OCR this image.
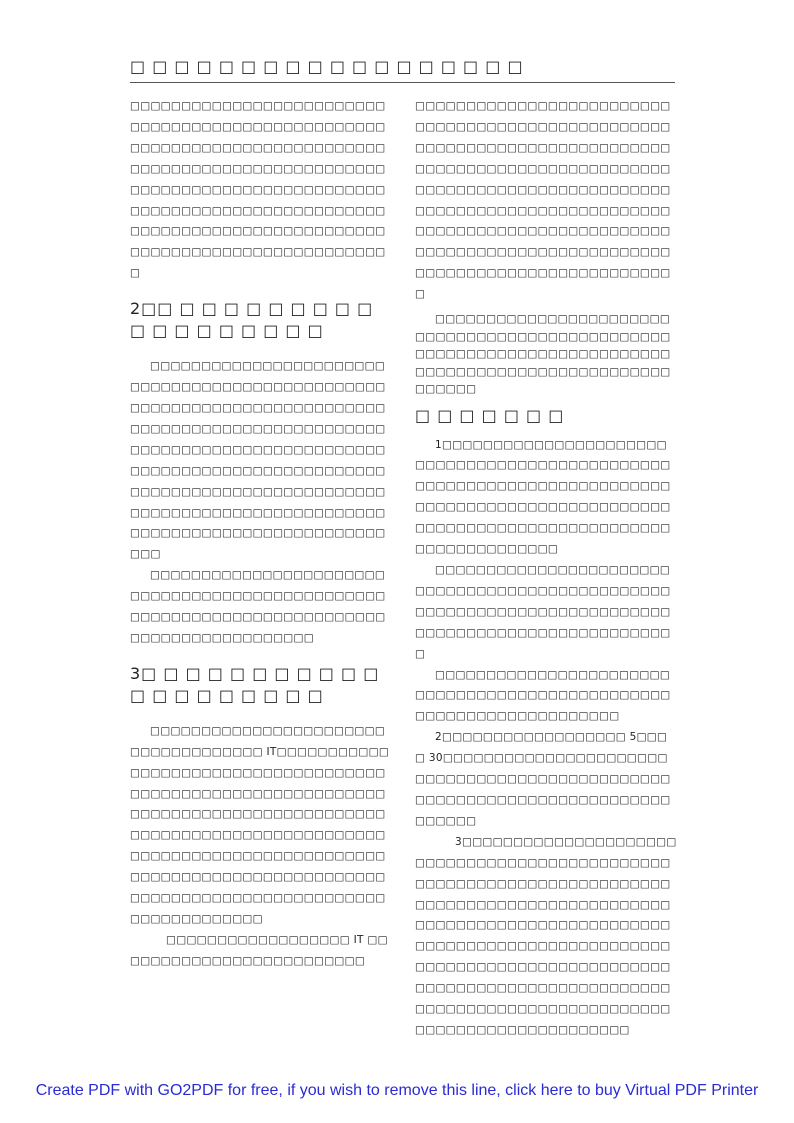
□ □ □ □ □ □ □ □ □ □ □ □ □ □ □ □ □ □

□□□□□□□□□□□□□□□□□□□□□□□□□□□□□□□□□□□□□□□□□□□□□□□□□□□□□□□□□□□□□□□□□□□□□□□□□□□□□□□□□□□□□□□□□□□□□□□□□□□□□□□□□□□□□□□□□□□□□□□□□□□□□□□□□□□□□□□□□□□□□□□□□□□□□□□□□□□□□□□□□□□□□□□□□□□□□□□□□□□□□□□□□□□□□□□□□□□□□□□□□

2□□ □ □ □ □ □ □ □ □ □ □ □ □ □ □ □ □ □ □

□□□□□□□□□□□□□□□□□□□□□□□□□□□□□□□□□□□□□□□□□□□□□□□□□□□□□□□□□□□□□□□□□□□□□□□□□□□□□□□□□□□□□□□□□□□□□□□□□□□□□□□□□□□□□□□□□□□□□□□□□□□□□□□□□□□□□□□□□□□□□□□□□□□□□□□□□□□□□□□□□□□□□□□□□□□□□□□□□□□□□□□□□□□□□□□□□□□□□□□□□□□□□□□□□□□□□□□□□□□□□□□□□□

□□□□□□□□□□□□□□□□□□□□□□□□□□□□□□□□□□□□□□□□□□□□□□□□□□□□□□□□□□□□□□□□□□□□□□□□□□□□□□□□□□□□□□□□□□□

3□ □ □ □ □ □ □ □ □ □ □ □ □ □ □ □ □ □ □ □

□□□□□□□□□□□□□□□□□□□□□□□□□□□□□□□□□□□□ IT□□□□□□□□□□□□□□□□□□□□□□□□□□□□□□□□□□□□□□□□□□□□□□□□□□□□□□□□□□□□□□□□□□□□□□□□□□□□□□□□□□□□□□□□□□□□□□□□□□□□□□□□□□□□□□□□□□□□□□□□□□□□□□□□□□□□□□□□□□□□□□□□□□□□□□□□□□□□□□□□□□□□□□□□□□□□□□□□□□□□□□□□□□□□□□□□□□□□□□□

□□□□□□□□□□□□□□□□□□ IT □□□□□□□□□□□□□□□□□□□□□□□□□

□□□□□□□□□□□□□□□□□□□□□□□□□□□□□□□□□□□□□□□□□□□□□□□□□□□□□□□□□□□□□□□□□□□□□□□□□□□□□□□□□□□□□□□□□□□□□□□□□□□□□□□□□□□□□□□□□□□□□□□□□□□□□□□□□□□□□□□□□□□□□□□□□□□□□□□□□□□□□□□□□□□□□□□□□□□□□□□□□□□□□□□□□□□□□□□□□□□□□□□□□□□□□□□□□□□□□□□□□□□□□□□□□□

□□□□□□□□□□□□□□□□□□□□□□□□□□□□□□□□□□□□□□□□□□□□□□□□□□□□□□□□□□□□□□□□□□□□□□□□□□□□□□□□□□□□□□□□□□□□□□□□□□□□□□□□

□ □ □ □ □ □ □

1□□□□□□□□□□□□□□□□□□□□□□□□□□□□□□□□□□□□□□□□□□□□□□□□□□□□□□□□□□□□□□□□□□□□□□□□□□□□□□□□□□□□□□□□□□□□□□□□□□□□□□□□□□□□□□□□□□□□□□□□□□□□□□□□□□□□□□□□

□□□□□□□□□□□□□□□□□□□□□□□□□□□□□□□□□□□□□□□□□□□□□□□□□□□□□□□□□□□□□□□□□□□□□□□□□□□□□□□□□□□□□□□□□□□□□□□□□□□

□□□□□□□□□□□□□□□□□□□□□□□□□□□□□□□□□□□□□□□□□□□□□□□□□□□□□□□□□□□□□□□□□□□□

2□□□□□□□□□□□□□□□□□□ 5□□□□ 30□□□□□□□□□□□□□□□□□□□□□□□□□□□□□□□□□□□□□□□□□□□□□□□□□□□□□□□□□□□□□□□□□□□□□□□□□□□□□□

3□□□□□□□□□□□□□□□□□□□□□□□□□□□□□□□□□□□□□□□□□□□□□□□□□□□□□□□□□□□□□□□□□□□□□□□□□□□□□□□□□□□□□□□□□□□□□□□□□□□□□□□□□□□□□□□□□□□□□□□□□□□□□□□□□□□□□□□□□□□□□□□□□□□□□□□□□□□□□□□□□□□□□□□□□□□□□□□□□□□□□□□□□□□□□□□□□□□□□□□□□□□□□□□□□□□□□□□□□□□□□□□□□□□□□□□□□□□□□□□□□□

Create PDF with GO2PDF for free, if you wish to remove this line, click here to buy Virtual PDF Printer
